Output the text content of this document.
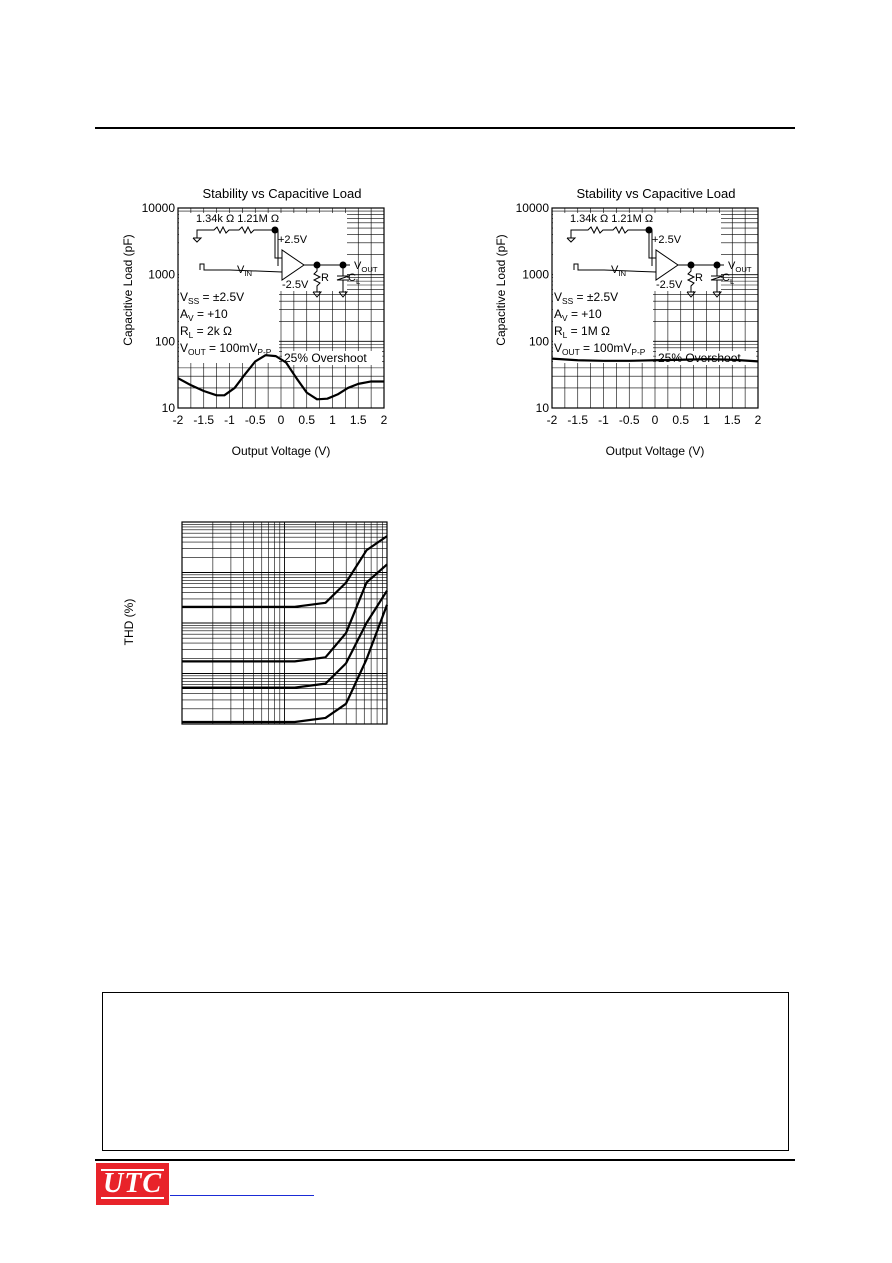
Stability vs Capacitive Load
Capacitive Load (pF)
Output Voltage (V)
1.34k Ω 1.21M Ω
+2.5V
-2.5V
R
$V_{IN}$
$V_{OUT}$
$C_L$
$V_{SS} = \pm 2.5V$
$A_V = +10$
$R_L = 2k$ Ω
$V_{OUT} = 100mV_{P-P}$ 25% Overshoot
-2 -1.5 -1 -0.5 0 0.5 1 1.5 2
10
100
1000
10000
Stability vs Capacitive Load
Capacitive Load (pF)
Output Voltage (V)
1.34k Ω 1.21M Ω
+2.5V
-2.5V
R
$V_{IN}$
$V_{OUT}$
$C_L$
$V_{SS} = \pm 2.5V$
$A_V = +10$
$R_L = 1M$ Ω
$V_{OUT} = 100mV_{P-P}$ 25% Overshoot
-2 -1.5 -1 -0.5 0 0.5 1 1.5 2
10
100
1000
10000
THD (%)
UTC
